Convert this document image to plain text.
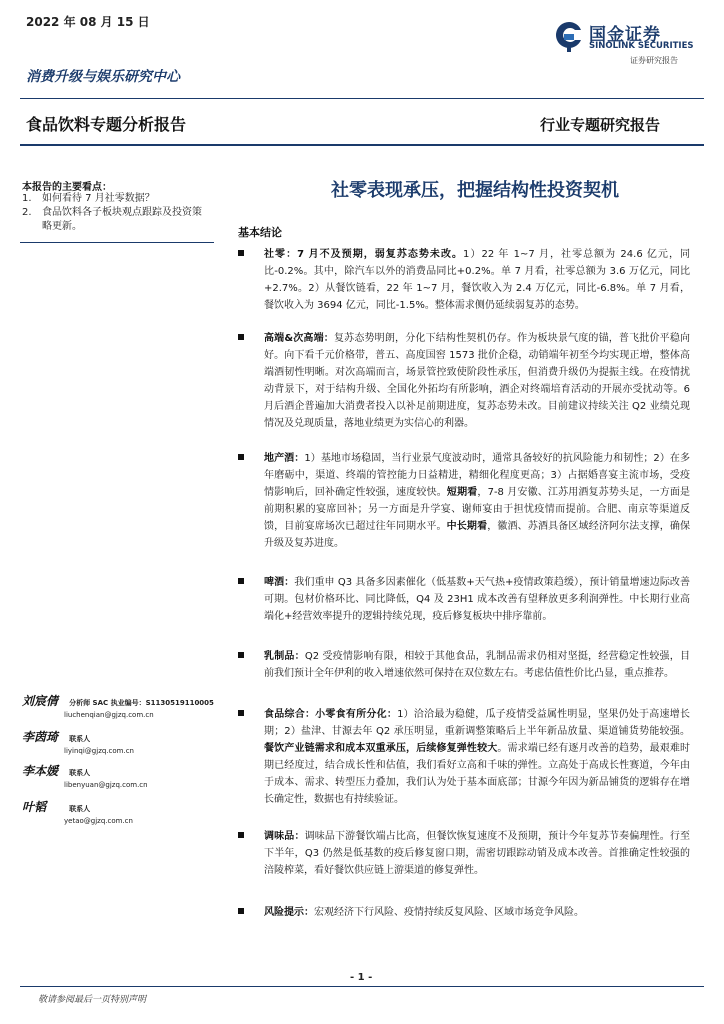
2022 年 08 月 15 日
国金证券
SINOLINK SECURITIES
证券研究报告
消费升级与娱乐研究中心
食品饮料专题分析报告	行业专题研究报告
本报告的主要看点：
1.	如何看待 7 月社零数据？
2.	食品饮料各子板块观点跟踪及投资策略更新。
刘宸倩 分析师 SAC 执业编号：S1130519110005
liuchenqian@gjzq.com.cn
李茵琦 联系人
liyinqi@gjzq.com.cn
李本媛 联系人
libenyuan@gjzq.com.cn
叶韬	联系人
yetao@gjzq.com.cn
社零表现承压，把握结构性投资契机
基本结论
社零：7 月不及预期，弱复苏态势未改。1）22 年 1~7 月，社零总额为 24.6 亿元，同比-0.2%。其中，除汽车以外的消费品同比+0.2%。单 7 月看，社零总额为 3.6 万亿元，同比+2.7%。2）从餐饮链看，22 年 1~7 月，餐饮收入为 2.4 万亿元，同比-6.8%。单 7 月看，餐饮收入为 3694 亿元，同比-1.5%。整体需求侧仍延续弱复苏的态势。
高端&次高端：复苏态势明朗，分化下结构性契机仍存。作为板块景气度的锚，普飞批价平稳向好。向下看千元价格带，普五、高度国窖 1573 批价企稳，动销端年初至今均实现正增，整体高端酒韧性明晰。对次高端而言，场景管控致使阶段性承压，但消费升级仍为提振主线。在疫情扰动背景下，对于结构升级、全国化外拓均有所影响，酒企对终端培育活动的开展亦受扰动等。6 月后酒企普遍加大消费者投入以补足前期进度，复苏态势未改。目前建议持续关注 Q2 业绩兑现情况及兑现质量，落地业绩更为实信心的利器。
地产酒：1）基地市场稳固，当行业景气度波动时，通常具备较好的抗风险能力和韧性；2）在多年磨砺中，渠道、终端的管控能力日益精进，精细化程度更高；3）占据婚喜宴主流市场，受疫情影响后，回补确定性较强，速度较快。短期看，7-8 月安徽、江苏用酒复苏势头足，一方面是前期积累的宴席回补；另一方面是升学宴、谢师宴由于担忧疫情而提前。合肥、南京等渠道反馈，目前宴席场次已超过往年同期水平。中长期看，徽酒、苏酒具备区域经济阿尔法支撑，确保升级及复苏进度。
啤酒：我们重申 Q3 具备多因素催化（低基数+天气热+疫情政策趋缓），预计销量增速边际改善可期。包材价格环比、同比降低，Q4 及 23H1 成本改善有望释放更多利润弹性。中长期行业高端化+经营效率提升的逻辑持续兑现，疫后修复板块中排序靠前。
乳制品：Q2 受疫情影响有限，相较于其他食品，乳制品需求仍相对坚挺，经营稳定性较强，目前我们预计全年伊利的收入增速依然可保持在双位数左右。考虑估值性价比凸显，重点推荐。
食品综合：小零食有所分化：1）洽洽最为稳健，瓜子疫情受益属性明显，坚果仍处于高速增长期；2）盐津、甘源去年 Q2 承压明显，重新调整策略后上半年新品放量、渠道铺货势能较强。餐饮产业链需求和成本双重承压，后续修复弹性较大。需求端已经有逐月改善的趋势，最艰难时期已经度过，结合成长性和估值，我们看好立高和千味的弹性。立高处于高成长性赛道，今年由于成本、需求、转型压力叠加，我们认为处于基本面底部；甘源今年因为新品铺货的逻辑存在增长确定性，数据也有持续验证。
调味品：调味品下游餐饮端占比高，但餐饮恢复速度不及预期，预计今年复苏节奏偏理性。行至下半年，Q3 仍然是低基数的疫后修复窗口期，需密切跟踪动销及成本改善。首推确定性较强的涪陵榨菜，看好餐饮供应链上游渠道的修复弹性。
风险提示：宏观经济下行风险、疫情持续反复风险、区域市场竞争风险。
- 1 -
敬请参阅最后一页特别声明
